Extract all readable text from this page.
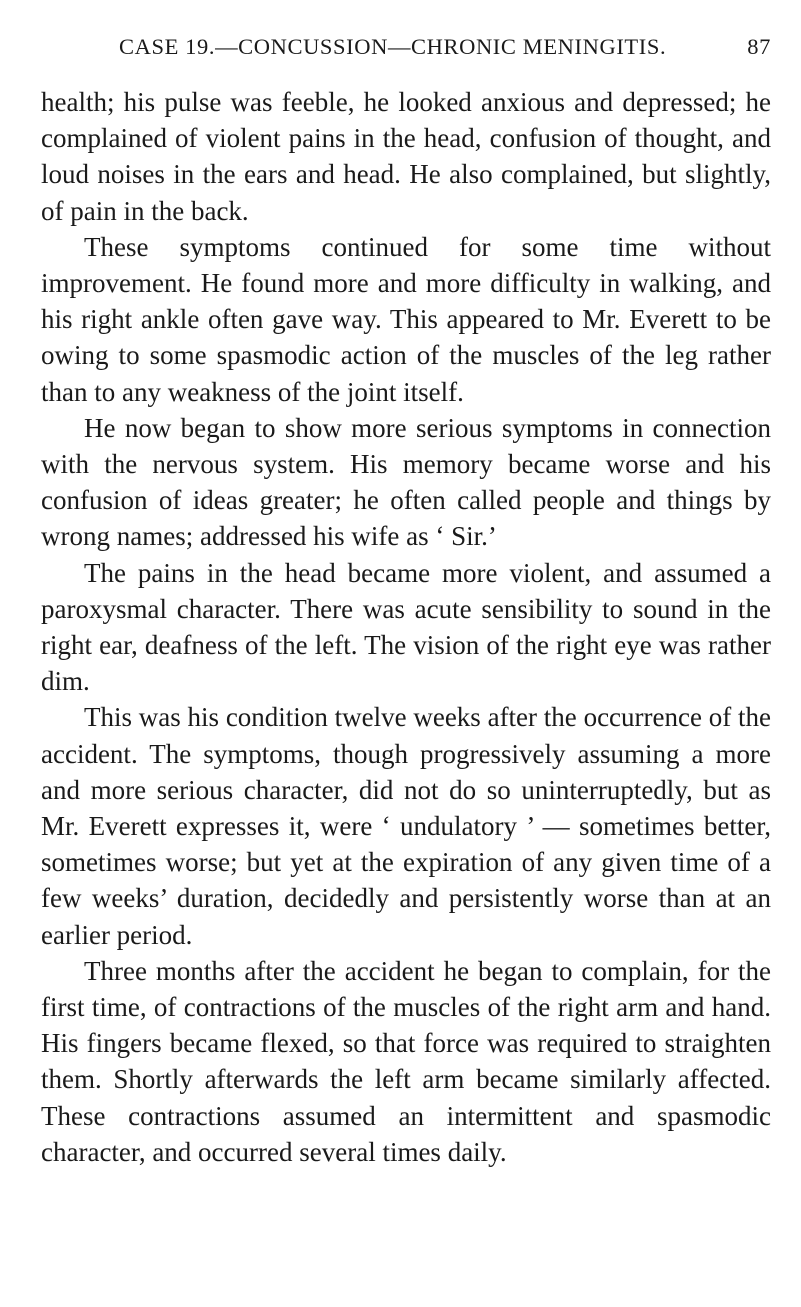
CASE 19.—CONCUSSION—CHRONIC MENINGITIS.	87

health; his pulse was feeble, he looked anxious and depressed; he complained of violent pains in the head, confusion of thought, and loud noises in the ears and head. He also complained, but slightly, of pain in the back.

These symptoms continued for some time without improvement. He found more and more difficulty in walking, and his right ankle often gave way. This appeared to Mr. Everett to be owing to some spasmodic action of the muscles of the leg rather than to any weakness of the joint itself.

He now began to show more serious symptoms in connection with the nervous system. His memory became worse and his confusion of ideas greater; he often called people and things by wrong names; addressed his wife as ‘ Sir.’

The pains in the head became more violent, and assumed a paroxysmal character. There was acute sensibility to sound in the right ear, deafness of the left. The vision of the right eye was rather dim.

This was his condition twelve weeks after the occurrence of the accident. The symptoms, though progressively assuming a more and more serious character, did not do so uninterruptedly, but as Mr. Everett expresses it, were ‘ undulatory ’ — sometimes better, sometimes worse; but yet at the expiration of any given time of a few weeks’ duration, decidedly and persistently worse than at an earlier period.

Three months after the accident he began to complain, for the first time, of contractions of the muscles of the right arm and hand. His fingers became flexed, so that force was required to straighten them. Shortly afterwards the left arm became similarly affected. These contractions assumed an intermittent and spasmodic character, and occurred several times daily.
